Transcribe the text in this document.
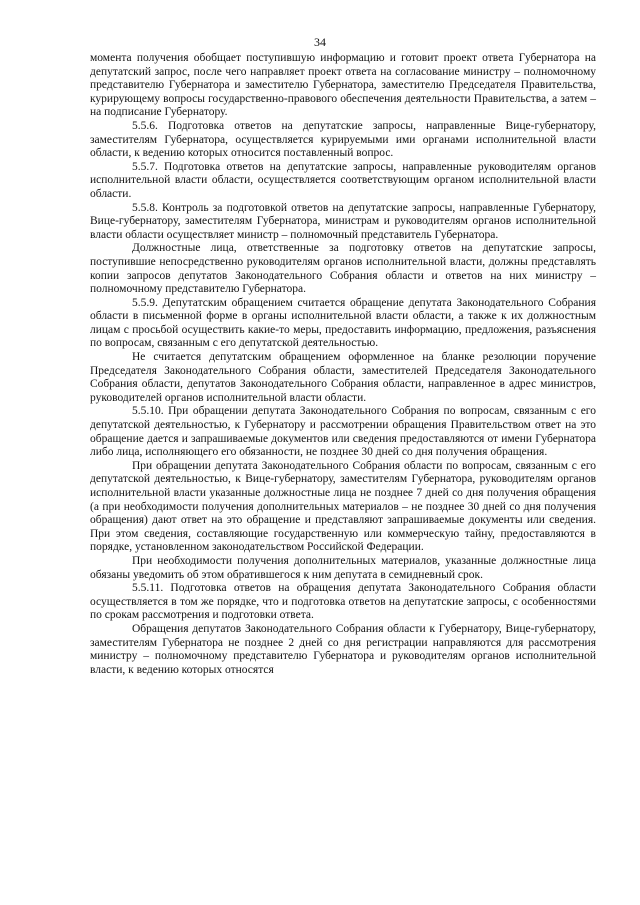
34

момента получения обобщает поступившую информацию и готовит проект ответа Губернатора на депутатский запрос, после чего направляет проект ответа на согласование министру – полномочному представителю Губернатора и заместителю Губернатора, заместителю Председателя Правительства, курирующему вопросы государственно-правового обеспечения деятельности Правительства, а затем – на подписание Губернатору.

5.5.6. Подготовка ответов на депутатские запросы, направленные Вице-губернатору, заместителям Губернатора, осуществляется курируемыми ими органами исполнительной власти области, к ведению которых относится поставленный вопрос.

5.5.7. Подготовка ответов на депутатские запросы, направленные руководителям органов исполнительной власти области, осуществляется соответствующим органом исполнительной власти области.

5.5.8. Контроль за подготовкой ответов на депутатские запросы, направленные Губернатору, Вице-губернатору, заместителям Губернатора, министрам и руководителям органов исполнительной власти области осуществляет министр – полномочный представитель Губернатора.

Должностные лица, ответственные за подготовку ответов на депутатские запросы, поступившие непосредственно руководителям органов исполнительной власти, должны представлять копии запросов депутатов Законодательного Собрания области и ответов на них министру – полномочному представителю Губернатора.

5.5.9. Депутатским обращением считается обращение депутата Законодательного Собрания области в письменной форме в органы исполнительной власти области, а также к их должностным лицам с просьбой осуществить какие-то меры, предоставить информацию, предложения, разъяснения по вопросам, связанным с его депутатской деятельностью.

Не считается депутатским обращением оформленное на бланке резолюции поручение Председателя Законодательного Собрания области, заместителей Председателя Законодательного Собрания области, депутатов Законодательного Собрания области, направленное в адрес министров, руководителей органов исполнительной власти области.

5.5.10. При обращении депутата Законодательного Собрания по вопросам, связанным с его депутатской деятельностью, к Губернатору и рассмотрении обращения Правительством ответ на это обращение дается и запрашиваемые документов или сведения предоставляются от имени Губернатора либо лица, исполняющего его обязанности, не позднее 30 дней со дня получения обращения.

При обращении депутата Законодательного Собрания области по вопросам, связанным с его депутатской деятельностью, к Вице-губернатору, заместителям Губернатора, руководителям органов исполнительной власти указанные должностные лица не позднее 7 дней со дня получения обращения (а при необходимости получения дополнительных материалов – не позднее 30 дней со дня получения обращения) дают ответ на это обращение и представляют запрашиваемые документы или сведения. При этом сведения, составляющие государственную или коммерческую тайну, предоставляются в порядке, установленном законодательством Российской Федерации.

При необходимости получения дополнительных материалов, указанные должностные лица обязаны уведомить об этом обратившегося к ним депутата в семидневный срок.

5.5.11. Подготовка ответов на обращения депутата Законодательного Собрания области осуществляется в том же порядке, что и подготовка ответов на депутатские запросы, с особенностями по срокам рассмотрения и подготовки ответа.

Обращения депутатов Законодательного Собрания области к Губернатору, Вице-губернатору, заместителям Губернатора не позднее 2 дней со дня регистрации направляются для рассмотрения министру – полномочному представителю Губернатора и руководителям органов исполнительной власти, к ведению которых относятся
